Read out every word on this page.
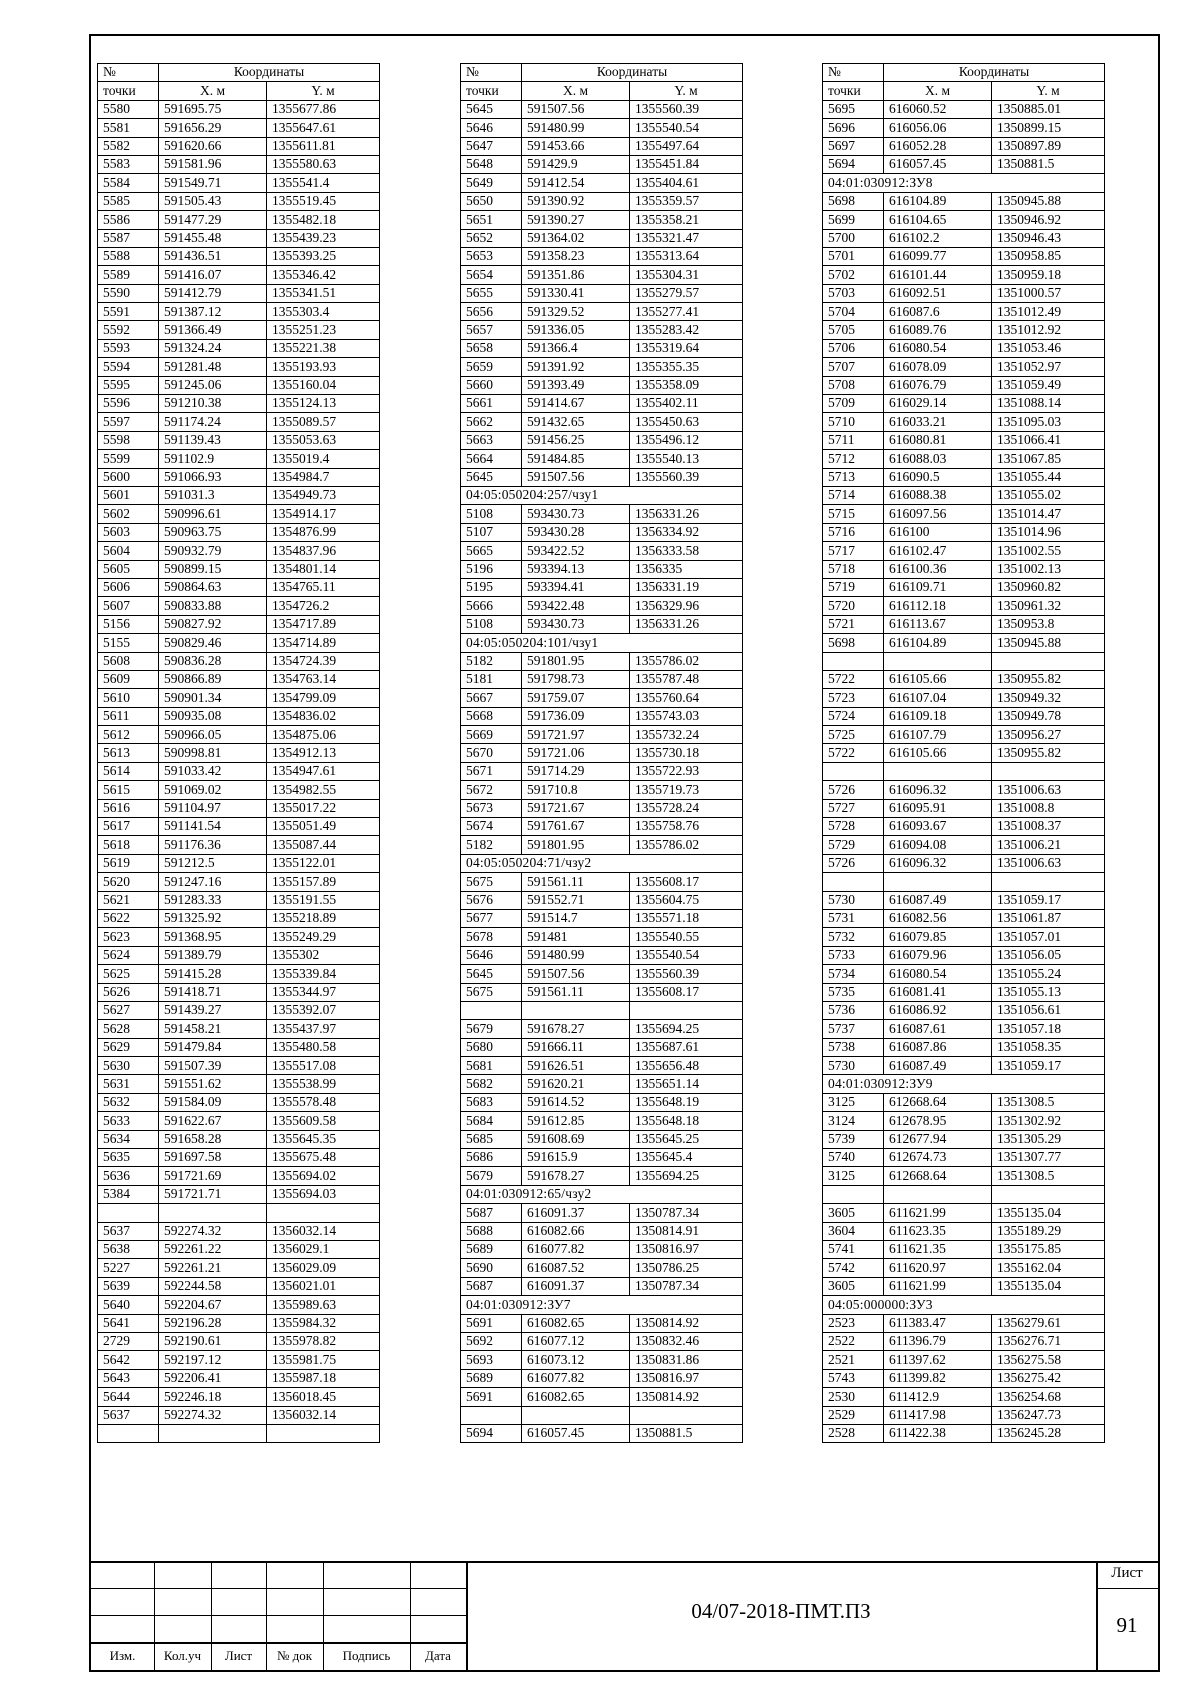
№	Координаты	
точки	X. м	Y. м
5580	591695.75	1355677.86
5581	591656.29	1355647.61
5582	591620.66	1355611.81
5583	591581.96	1355580.63
5584	591549.71	1355541.4
5585	591505.43	1355519.45
5586	591477.29	1355482.18
5587	591455.48	1355439.23
5588	591436.51	1355393.25
5589	591416.07	1355346.42
5590	591412.79	1355341.51
5591	591387.12	1355303.4
5592	591366.49	1355251.23
5593	591324.24	1355221.38
5594	591281.48	1355193.93
5595	591245.06	1355160.04
5596	591210.38	1355124.13
5597	591174.24	1355089.57
5598	591139.43	1355053.63
5599	591102.9	1355019.4
5600	591066.93	1354984.7
5601	591031.3	1354949.73
5602	590996.61	1354914.17
5603	590963.75	1354876.99
5604	590932.79	1354837.96
5605	590899.15	1354801.14
5606	590864.63	1354765.11
5607	590833.88	1354726.2
5156	590827.92	1354717.89
5155	590829.46	1354714.89
5608	590836.28	1354724.39
5609	590866.89	1354763.14
5610	590901.34	1354799.09
5611	590935.08	1354836.02
5612	590966.05	1354875.06
5613	590998.81	1354912.13
5614	591033.42	1354947.61
5615	591069.02	1354982.55
5616	591104.97	1355017.22
5617	591141.54	1355051.49
5618	591176.36	1355087.44
5619	591212.5	1355122.01
5620	591247.16	1355157.89
5621	591283.33	1355191.55
5622	591325.92	1355218.89
5623	591368.95	1355249.29
5624	591389.79	1355302
5625	591415.28	1355339.84
5626	591418.71	1355344.97
5627	591439.27	1355392.07
5628	591458.21	1355437.97
5629	591479.84	1355480.58
5630	591507.39	1355517.08
5631	591551.62	1355538.99
5632	591584.09	1355578.48
5633	591622.67	1355609.58
5634	591658.28	1355645.35
5635	591697.58	1355675.48
5636	591721.69	1355694.02
5384	591721.71	1355694.03

5637	592274.32	1356032.14
5638	592261.22	1356029.1
5227	592261.21	1356029.09
5639	592244.58	1356021.01
5640	592204.67	1355989.63
5641	592196.28	1355984.32
2729	592190.61	1355978.82
5642	592197.12	1355981.75
5643	592206.41	1355987.18
5644	592246.18	1356018.45
5637	592274.32	1356032.14

№	Координаты	
точки	X. м	Y. м
5645	591507.56	1355560.39
5646	591480.99	1355540.54
5647	591453.66	1355497.64
5648	591429.9	1355451.84
5649	591412.54	1355404.61
5650	591390.92	1355359.57
5651	591390.27	1355358.21
5652	591364.02	1355321.47
5653	591358.23	1355313.64
5654	591351.86	1355304.31
5655	591330.41	1355279.57
5656	591329.52	1355277.41
5657	591336.05	1355283.42
5658	591366.4	1355319.64
5659	591391.92	1355355.35
5660	591393.49	1355358.09
5661	591414.67	1355402.11
5662	591432.65	1355450.63
5663	591456.25	1355496.12
5664	591484.85	1355540.13
5645	591507.56	1355560.39
04:05:050204:257/чзу1		
5108	593430.73	1356331.26
5107	593430.28	1356334.92
5665	593422.52	1356333.58
5196	593394.13	1356335
5195	593394.41	1356331.19
5666	593422.48	1356329.96
5108	593430.73	1356331.26
04:05:050204:101/чзу1		
5182	591801.95	1355786.02
5181	591798.73	1355787.48
5667	591759.07	1355760.64
5668	591736.09	1355743.03
5669	591721.97	1355732.24
5670	591721.06	1355730.18
5671	591714.29	1355722.93
5672	591710.8	1355719.73
5673	591721.67	1355728.24
5674	591761.67	1355758.76
5182	591801.95	1355786.02
04:05:050204:71/чзу2		
5675	591561.11	1355608.17
5676	591552.71	1355604.75
5677	591514.7	1355571.18
5678	591481	1355540.55
5646	591480.99	1355540.54
5645	591507.56	1355560.39
5675	591561.11	1355608.17

5679	591678.27	1355694.25
5680	591666.11	1355687.61
5681	591626.51	1355656.48
5682	591620.21	1355651.14
5683	591614.52	1355648.19
5684	591612.85	1355648.18
5685	591608.69	1355645.25
5686	591615.9	1355645.4
5679	591678.27	1355694.25
04:01:030912:65/чзу2		
5687	616091.37	1350787.34
5688	616082.66	1350814.91
5689	616077.82	1350816.97
5690	616087.52	1350786.25
5687	616091.37	1350787.34
04:01:030912:ЗУ7		
5691	616082.65	1350814.92
5692	616077.12	1350832.46
5693	616073.12	1350831.86
5689	616077.82	1350816.97
5691	616082.65	1350814.92

5694	616057.45	1350881.5
№	Координаты	
точки	X. м	Y. м
5695	616060.52	1350885.01
5696	616056.06	1350899.15
5697	616052.28	1350897.89
5694	616057.45	1350881.5
04:01:030912:ЗУ8		
5698	616104.89	1350945.88
5699	616104.65	1350946.92
5700	616102.2	1350946.43
5701	616099.77	1350958.85
5702	616101.44	1350959.18
5703	616092.51	1351000.57
5704	616087.6	1351012.49
5705	616089.76	1351012.92
5706	616080.54	1351053.46
5707	616078.09	1351052.97
5708	616076.79	1351059.49
5709	616029.14	1351088.14
5710	616033.21	1351095.03
5711	616080.81	1351066.41
5712	616088.03	1351067.85
5713	616090.5	1351055.44
5714	616088.38	1351055.02
5715	616097.56	1351014.47
5716	616100	1351014.96
5717	616102.47	1351002.55
5718	616100.36	1351002.13
5719	616109.71	1350960.82
5720	616112.18	1350961.32
5721	616113.67	1350953.8
5698	616104.89	1350945.88

5722	616105.66	1350955.82
5723	616107.04	1350949.32
5724	616109.18	1350949.78
5725	616107.79	1350956.27
5722	616105.66	1350955.82

5726	616096.32	1351006.63
5727	616095.91	1351008.8
5728	616093.67	1351008.37
5729	616094.08	1351006.21
5726	616096.32	1351006.63

5730	616087.49	1351059.17
5731	616082.56	1351061.87
5732	616079.85	1351057.01
5733	616079.96	1351056.05
5734	616080.54	1351055.24
5735	616081.41	1351055.13
5736	616086.92	1351056.61
5737	616087.61	1351057.18
5738	616087.86	1351058.35
5730	616087.49	1351059.17
04:01:030912:ЗУ9		
3125	612668.64	1351308.5
3124	612678.95	1351302.92
5739	612677.94	1351305.29
5740	612674.73	1351307.77
3125	612668.64	1351308.5

3605	611621.99	1355135.04
3604	611623.35	1355189.29
5741	611621.35	1355175.85
5742	611620.97	1355162.04
3605	611621.99	1355135.04
04:05:000000:ЗУ3		
2523	611383.47	1356279.61
2522	611396.79	1356276.71
2521	611397.62	1356275.58
5743	611399.82	1356275.42
2530	611412.9	1356254.68
2529	611417.98	1356247.73
2528	611422.38	1356245.28
Изм.	Кол.уч	Лист	№ док	Подпись	Дата
04/07-2018-ПМТ.ПЗ
Лист
91
